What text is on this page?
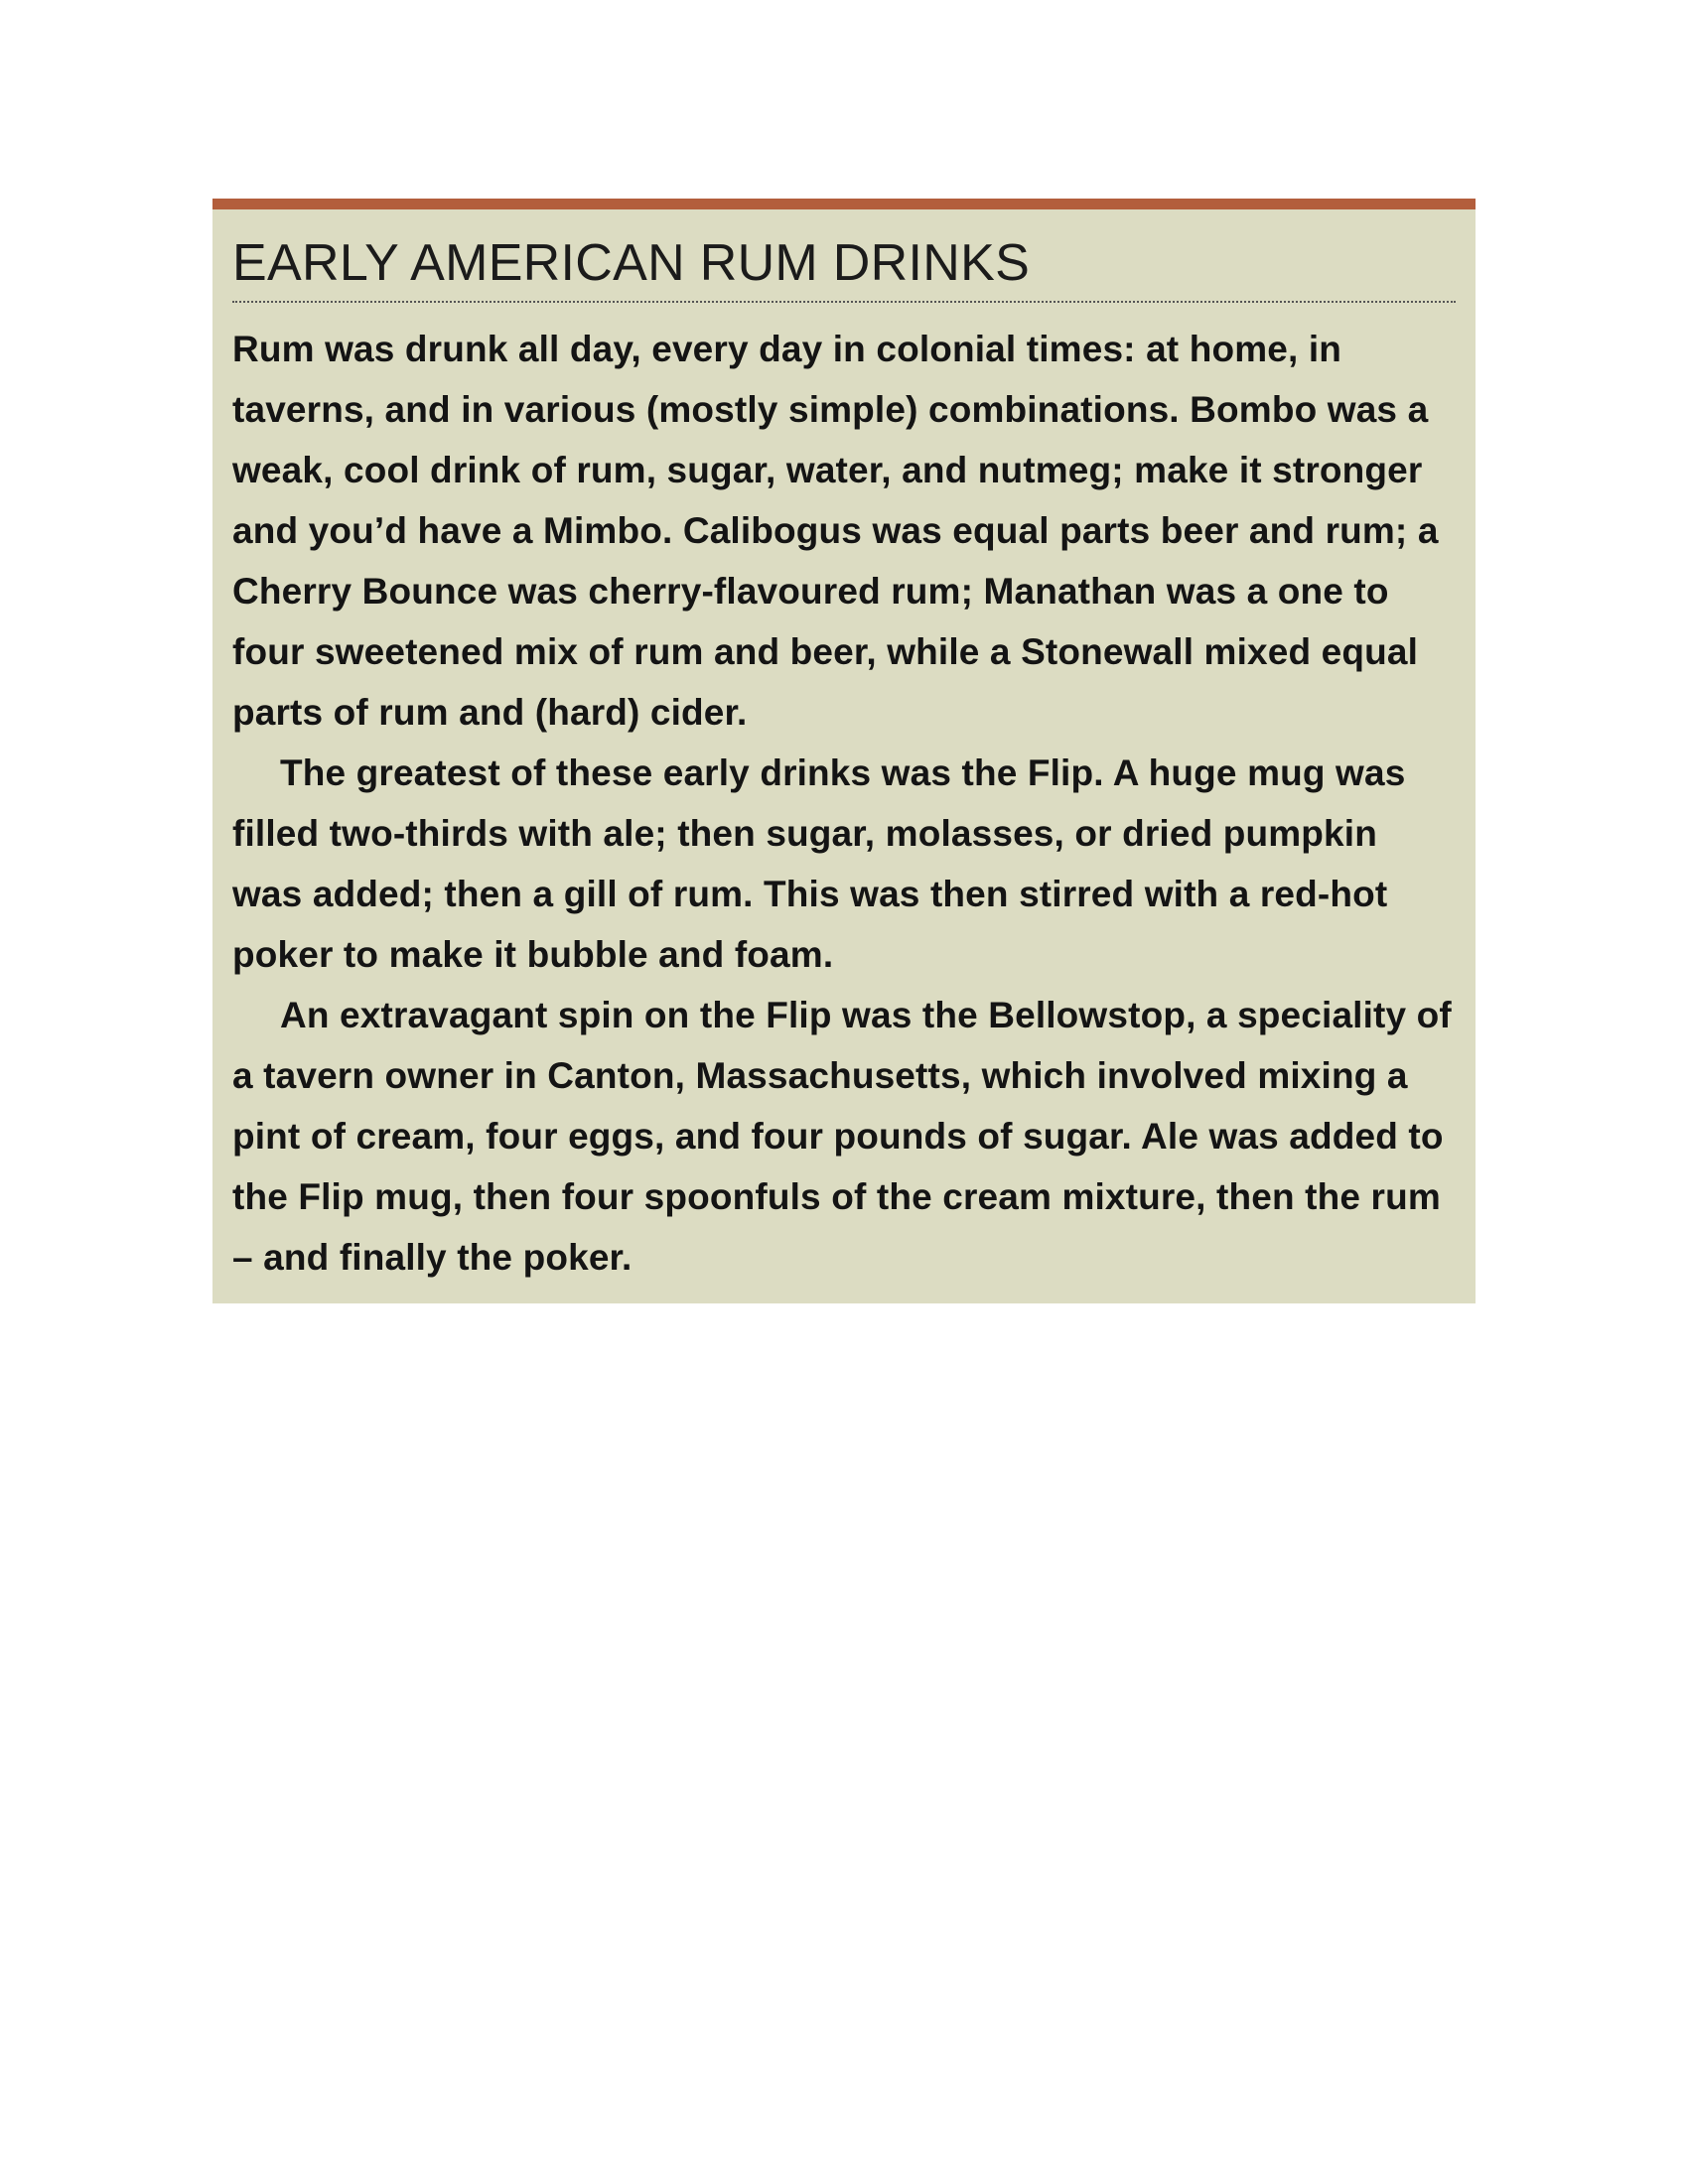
EARLY AMERICAN RUM DRINKS

Rum was drunk all day, every day in colonial times: at home, in taverns, and in various (mostly simple) combinations. Bombo was a weak, cool drink of rum, sugar, water, and nutmeg; make it stronger and you’d have a Mimbo. Calibogus was equal parts beer and rum; a Cherry Bounce was cherry-flavoured rum; Manathan was a one to four sweetened mix of rum and beer, while a Stonewall mixed equal parts of rum and (hard) cider.

The greatest of these early drinks was the Flip. A huge mug was filled two-thirds with ale; then sugar, molasses, or dried pumpkin was added; then a gill of rum. This was then stirred with a red-hot poker to make it bubble and foam.

An extravagant spin on the Flip was the Bellowstop, a speciality of a tavern owner in Canton, Massachusetts, which involved mixing a pint of cream, four eggs, and four pounds of sugar. Ale was added to the Flip mug, then four spoonfuls of the cream mixture, then the rum – and finally the poker.
